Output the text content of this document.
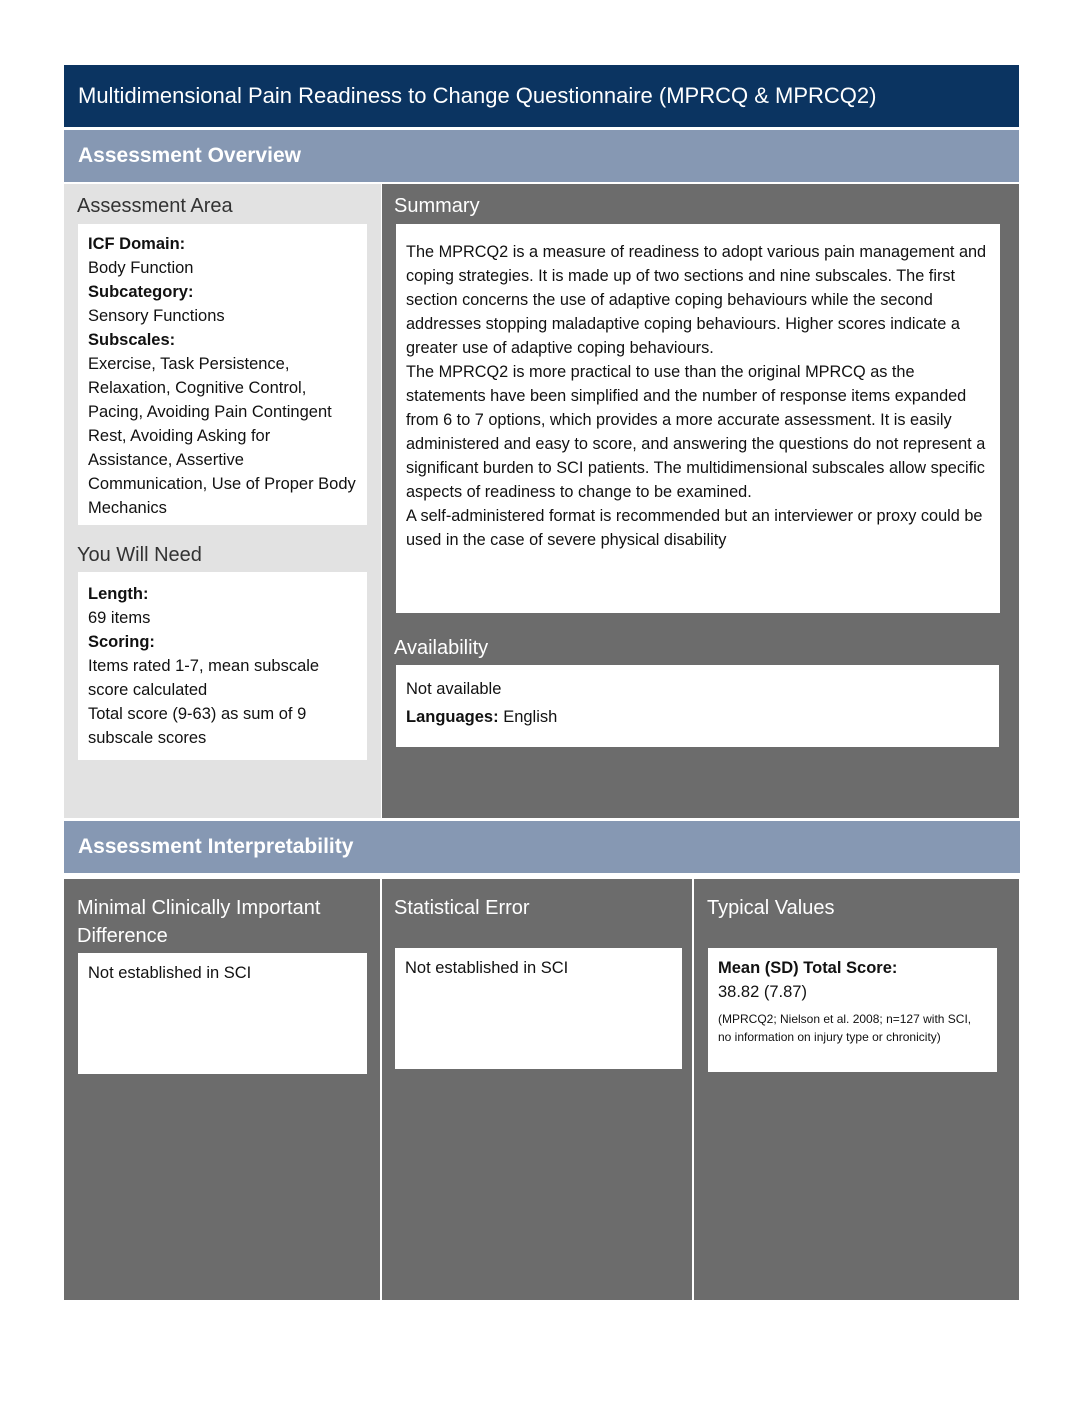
Multidimensional Pain Readiness to Change Questionnaire (MPRCQ & MPRCQ2)
Assessment Overview
Assessment Area
ICF Domain:
Body Function
Subcategory:
Sensory Functions
Subscales:
Exercise, Task Persistence, Relaxation, Cognitive Control, Pacing, Avoiding Pain Contingent Rest, Avoiding Asking for Assistance, Assertive Communication, Use of Proper Body Mechanics
You Will Need
Length:
69 items
Scoring:
Items rated 1-7, mean subscale score calculated
Total score (9-63) as sum of 9 subscale scores
Summary
The MPRCQ2 is a measure of readiness to adopt various pain management and coping strategies. It is made up of two sections and nine subscales. The first section concerns the use of adaptive coping behaviours while the second addresses stopping maladaptive coping behaviours. Higher scores indicate a greater use of adaptive coping behaviours.
The MPRCQ2 is more practical to use than the original MPRCQ as the statements have been simplified and the number of response items expanded from 6 to 7 options, which provides a more accurate assessment. It is easily administered and easy to score, and answering the questions do not represent a significant burden to SCI patients. The multidimensional subscales allow specific aspects of readiness to change to be examined.
A self-administered format is recommended but an interviewer or proxy could be used in the case of severe physical disability
Availability
Not available
Languages: English
Assessment Interpretability
Minimal Clinically Important Difference
Not established in SCI
Statistical Error
Not established in SCI
Typical Values
Mean (SD) Total Score:
38.82 (7.87)
(MPRCQ2; Nielson et al. 2008; n=127 with SCI, no information on injury type or chronicity)
